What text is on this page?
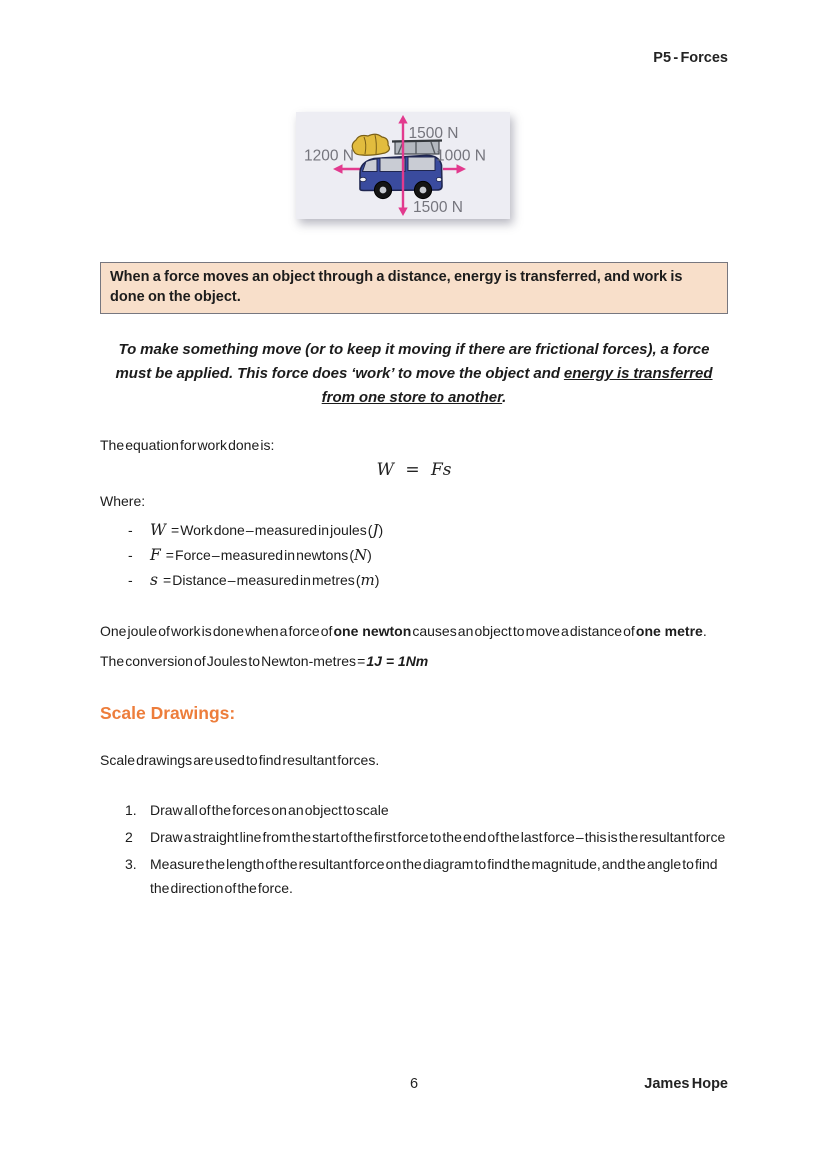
P5 - Forces
1500 N
1200 N	1000 N
1500 N
When a force moves an object through a distance, energy is transferred, and work is done on the object.
To make something move (or to keep it moving if there are frictional forces), a force must be applied. This force does ‘work’ to move the object and energy is transferred from one store to another.
The equation for work done is:
W = Fs
Where:
-	W = Work done – measured in joules ( J )
-	F = Force – measured in newtons ( N )
-	s = Distance – measured in metres ( m )
One joule of work is done when a force of one newton causes an object to move a distance of one metre. The conversion of Joules to Newton-metres = 1J = 1Nm
Scale Drawings:
Scale drawings are used to find resultant forces.
1. Draw all of the forces on an object to scale
2	Draw a straight line from the start of the first force to the end of the last force – this is the resultant force
3. Measure the length of the resultant force on the diagram to find the magnitude, and the angle to find the direction of the force.
6	James Hope
